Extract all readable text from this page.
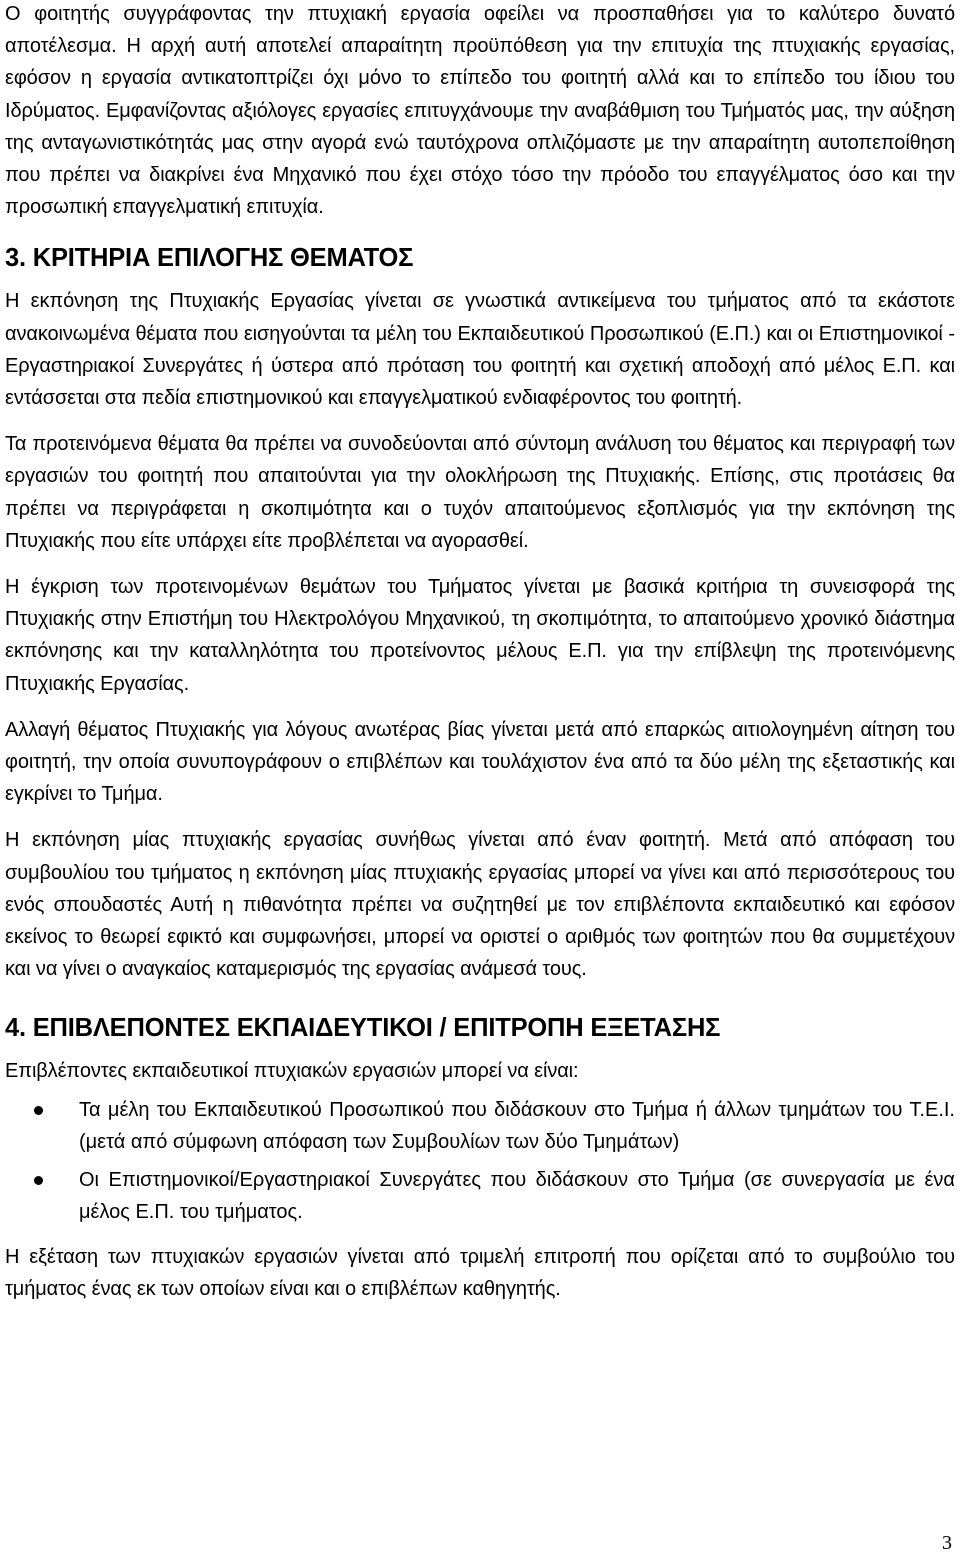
Ο φοιτητής συγγράφοντας την πτυχιακή εργασία οφείλει να προσπαθήσει για το καλύτερο δυνατό αποτέλεσμα. Η αρχή αυτή αποτελεί απαραίτητη προϋπόθεση για την επιτυχία της πτυχιακής εργασίας, εφόσον η εργασία αντικατοπτρίζει όχι μόνο το επίπεδο του φοιτητή αλλά και το επίπεδο του ίδιου του Ιδρύματος. Εμφανίζοντας αξιόλογες εργασίες επιτυγχάνουμε την αναβάθμιση του Τμήματός μας, την αύξηση της ανταγωνιστικότητάς μας στην αγορά ενώ ταυτόχρονα οπλιζόμαστε με την απαραίτητη αυτοπεποίθηση που πρέπει να διακρίνει ένα Μηχανικό που έχει στόχο τόσο την πρόοδο του επαγγέλματος όσο και την προσωπική επαγγελματική επιτυχία.

3. ΚΡΙΤΗΡΙΑ ΕΠΙΛΟΓΗΣ ΘΕΜΑΤΟΣ

Η εκπόνηση της Πτυχιακής Εργασίας γίνεται σε γνωστικά αντικείμενα του τμήματος από τα εκάστοτε ανακοινωμένα θέματα που εισηγούνται τα μέλη του Εκπαιδευτικού Προσωπικού (Ε.Π.) και οι Επιστημονικοί - Εργαστηριακοί Συνεργάτες ή ύστερα από πρόταση του φοιτητή και σχετική αποδοχή από μέλος Ε.Π. και εντάσσεται στα πεδία επιστημονικού και επαγγελματικού ενδιαφέροντος του φοιτητή.

Τα προτεινόμενα θέματα θα πρέπει να συνοδεύονται από σύντομη ανάλυση του θέματος και περιγραφή των εργασιών του φοιτητή που απαιτούνται για την ολοκλήρωση της Πτυχιακής. Επίσης, στις προτάσεις θα πρέπει να περιγράφεται η σκοπιμότητα και ο τυχόν απαιτούμενος εξοπλισμός για την εκπόνηση της Πτυχιακής που είτε υπάρχει είτε προβλέπεται να αγορασθεί.

Η έγκριση των προτεινομένων θεμάτων του Τμήματος γίνεται με βασικά κριτήρια τη συνεισφορά της Πτυχιακής στην Επιστήμη του Ηλεκτρολόγου Μηχανικού, τη σκοπιμότητα, το απαιτούμενο χρονικό διάστημα εκπόνησης και την καταλληλότητα του προτείνοντος μέλους Ε.Π. για την επίβλεψη της προτεινόμενης Πτυχιακής Εργασίας.

Αλλαγή θέματος Πτυχιακής για λόγους ανωτέρας βίας γίνεται μετά από επαρκώς αιτιολογημένη αίτηση του φοιτητή, την οποία συνυπογράφουν ο επιβλέπων και τουλάχιστον ένα από τα δύο μέλη της εξεταστικής και εγκρίνει το Τμήμα.

Η εκπόνηση μίας πτυχιακής εργασίας συνήθως γίνεται από έναν φοιτητή. Μετά από απόφαση του συμβουλίου του τμήματος η εκπόνηση μίας πτυχιακής εργασίας μπορεί να γίνει και από περισσότερους του ενός σπουδαστές Αυτή η πιθανότητα πρέπει να συζητηθεί με τον επιβλέποντα εκπαιδευτικό και εφόσον εκείνος το θεωρεί εφικτό και συμφωνήσει, μπορεί να οριστεί ο αριθμός των φοιτητών που θα συμμετέχουν και να γίνει ο αναγκαίος καταμερισμός της εργασίας ανάμεσά τους.

4. ΕΠΙΒΛΕΠΟΝΤΕΣ ΕΚΠΑΙΔΕΥΤΙΚΟΙ / ΕΠΙΤΡΟΠΗ ΕΞΕΤΑΣΗΣ

Επιβλέποντες εκπαιδευτικοί πτυχιακών εργασιών μπορεί να είναι:

Τα μέλη του Εκπαιδευτικού Προσωπικού που διδάσκουν στο Τμήμα ή άλλων τμημάτων του Τ.Ε.Ι. (μετά από σύμφωνη απόφαση των Συμβουλίων των δύο Τμημάτων)
Οι Επιστημονικοί/Εργαστηριακοί Συνεργάτες που διδάσκουν στο Τμήμα (σε συνεργασία με ένα μέλος Ε.Π. του τμήματος.

Η εξέταση των πτυχιακών εργασιών γίνεται από τριμελή επιτροπή που ορίζεται από το συμβούλιο του τμήματος ένας εκ των οποίων είναι και ο επιβλέπων καθηγητής.

3
